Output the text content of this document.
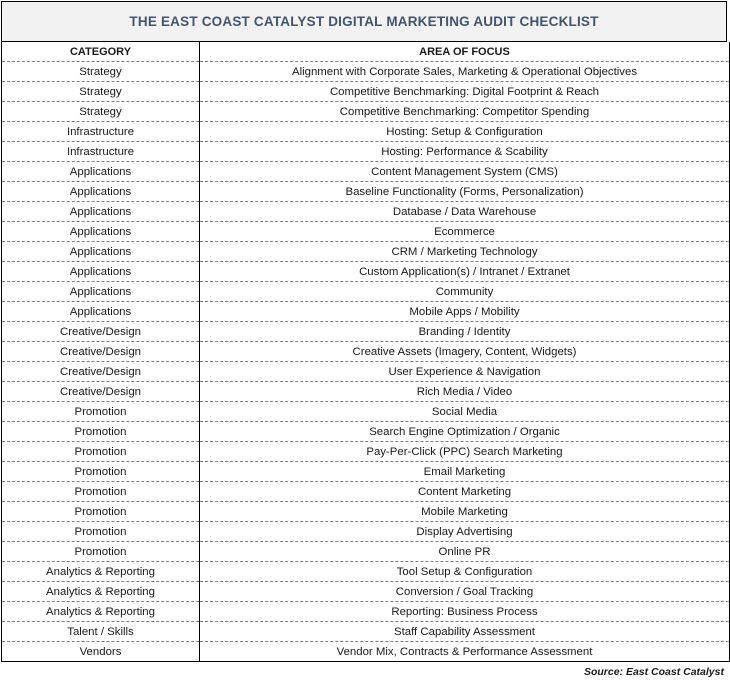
THE EAST COAST CATALYST DIGITAL MARKETING AUDIT CHECKLIST
CATEGORY	AREA OF FOCUS
Strategy	Alignment with Corporate Sales, Marketing & Operational Objectives
Strategy	Competitive Benchmarking: Digital Footprint & Reach
Strategy	Competitive Benchmarking: Competitor Spending
Infrastructure	Hosting: Setup & Configuration
Infrastructure	Hosting: Performance & Scability
Applications	Content Management System (CMS)
Applications	Baseline Functionality (Forms, Personalization)
Applications	Database / Data Warehouse
Applications	Ecommerce
Applications	CRM / Marketing Technology
Applications	Custom Application(s) / Intranet / Extranet
Applications	Community
Applications	Mobile Apps / Mobility
Creative/Design	Branding / Identity
Creative/Design	Creative Assets (Imagery, Content, Widgets)
Creative/Design	User Experience & Navigation
Creative/Design	Rich Media / Video
Promotion	Social Media
Promotion	Search Engine Optimization / Organic
Promotion	Pay-Per-Click (PPC) Search Marketing
Promotion	Email Marketing
Promotion	Content Marketing
Promotion	Mobile Marketing
Promotion	Display Advertising
Promotion	Online PR
Analytics & Reporting	Tool Setup & Configuration
Analytics & Reporting	Conversion / Goal Tracking
Analytics & Reporting	Reporting: Business Process
Talent / Skills	Staff Capability Assessment
Vendors	Vendor Mix, Contracts & Performance Assessment
Source: East Coast Catalyst
